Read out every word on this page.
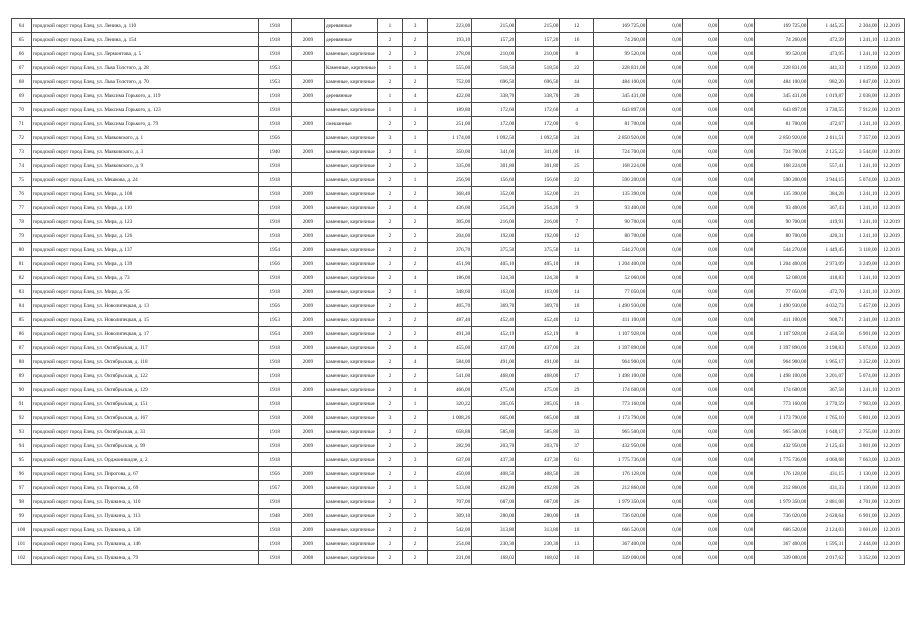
64	городской округ город Елец, ул. Ленина, д. 110	1918		деревянные	1	3	223,00	215,00	215,00	12	169 725,00	0,00	0,00	0,00	169 725,00	1 445,25	2 304,00	12.2019
65	городской округ город Елец, ул. Ленина, д. 154	1918	2009	деревянные	2	2	193,10	157,20	157,20	16	74 260,00	0,00	0,00	0,00	74 260,00	472,39	1 241,10	12.2019
66	городской округ город Елец, ул. Лермонтова, д. 5	1918	2009	каменные, кирпичные	2	2	278,00	210,00	210,00	8	99 520,00	0,00	0,00	0,00	99 520,00	473,95	1 241,10	12.2019
67	городской округ город Елец, ул. Льва Толстого, д. 28	1953		Каменные, кирпичные	1	1	555,00	518,50	518,50	22	228 831,00	0,00	0,00	0,00	228 831,00	441,33	1 139,00	12.2019
68	городской округ город Елец, ул. Льва Толстого, д. 70	1953	2009	каменные, кирпичные	2	2	752,00	696,50	696,50	44	484 100,00	0,00	0,00	0,00	484 100,00	982,20	1 847,00	12.2019
69	городской округ город Елец, ул. Максима Горького, д. 119	1918	2009	деревянные	1	4	422,00	338,70	338,70	20	345 431,00	0,00	0,00	0,00	345 431,00	1 019,87	2 038,00	12.2019
70	городской округ город Елец, ул. Максима Горького, д. 123	1918		каменные, кирпичные	1	1	189,80	172,60	172,60	4	643 897,00	0,00	0,00	0,00	643 897,00	3 730,55	7 912,00	12.2019
71	городской округ город Елец, ул. Максима Горького, д. 79	1918	2009	смешанные	2	2	251,00	172,00	172,00	6	81 700,00	0,00	0,00	0,00	81 700,00	472,67	1 241,10	12.2019
72	городской округ город Елец, ул. Маяковского, д. 1	1956		каменные, кирпичные	3	1	1 174,00	1 092,50	1 092,50	24	2 850 920,00	0,00	0,00	0,00	2 850 920,00	2 611,51	7 357,00	12.2019
73	городской округ город Елец, ул. Маяковского, д. 3	1940	2009	каменные, кирпичные	2	1	350,00	341,00	341,00	16	724 700,00	0,00	0,00	0,00	724 700,00	2 125,22	3 544,00	12.2019
74	городской округ город Елец, ул. Маяковского, д. 9	1918		каменные, кирпичные	2	2	335,00	301,80	301,80	25	168 224,00	0,00	0,00	0,00	168 224,00	557,41	1 241,10	12.2019
75	городской округ город Елец, ул. Мешкова, д. 24	1918		каменные, кирпичные	2	1	256,90	156,60	156,60	22	590 200,00	0,00	0,00	0,00	590 200,00	3 944,15	5 074,00	12.2019
76	городской округ город Елец, ул. Мира, д. 108	1918	2009	каменные, кирпичные	2	2	368,40	352,00	352,00	21	135 390,00	0,00	0,00	0,00	135 390,00	384,28	1 241,10	12.2019
77	городской округ город Елец, ул. Мира, д. 110	1918	2009	каменные, кирпичные	2	4	436,00	254,20	254,20	9	93 400,00	0,00	0,00	0,00	93 400,00	367,43	1 241,10	12.2019
78	городской округ город Елец, ул. Мира, д. 123	1918	2009	каменные, кирпичные	2	2	305,00	216,00	216,00	7	90 700,00	0,00	0,00	0,00	90 700,00	419,91	1 241,10	12.2019
79	городской округ город Елец, ул. Мира, д. 126	1918	2009	каменные, кирпичные	2	2	204,00	192,00	192,00	12	80 700,00	0,00	0,00	0,00	80 700,00	420,31	1 241,10	12.2019
80	городской округ город Елец, ул. Мира, д. 137	1954	2009	каменные, кирпичные	2	2	376,70	375,50	375,50	14	544 270,00	0,00	0,00	0,00	544 270,00	1 449,45	3 118,00	12.2019
81	городской округ город Елец, ул. Мира, д. 139	1956	2009	каменные, кирпичные	2	2	451,90	405,10	405,10	18	1 204 400,00	0,00	0,00	0,00	1 204 400,00	2 973,09	3 249,00	12.2019
82	городской округ город Елец, ул. Мира, д. 73	1918	2009	каменные, кирпичные	2	4	186,00	124,30	124,30	8	52 060,00	0,00	0,00	0,00	52 060,00	418,83	1 241,10	12.2019
83	городской округ город Елец, ул. Мира, д. 95	1918	2009	каменные, кирпичные	2	1	348,60	163,00	163,00	14	77 050,00	0,00	0,00	0,00	77 050,00	472,70	1 241,10	12.2019
84	городской округ город Елец, ул. Новолипецкая, д. 13	1956	2009	каменные, кирпичные	2	2	405,70	369,70	369,70	10	1 490 930,00	0,00	0,00	0,00	1 490 930,00	4 032,73	5 457,00	12.2019
85	городской округ город Елец, ул. Новолипецкая, д. 15	1953	2009	каменные, кирпичные	2	2	487,40	452,40	452,40	12	411 100,00	0,00	0,00	0,00	411 100,00	908,71	2 341,00	12.2019
86	городской округ город Елец, ул. Новолипецкая, д. 17	1954	2009	каменные, кирпичные	2	2	491,30	452,19	452,19	8	1 107 928,00	0,00	0,00	0,00	1 107 928,00	2 450,58	6 901,00	12.2019
87	городской округ город Елец, ул. Октябрьская, д. 117	1918	2009	каменные, кирпичные	2	4	455,00	437,00	437,00	24	1 397 890,00	0,00	0,00	0,00	1 397 890,00	3 198,83	5 074,00	12.2019
88	городской округ город Елец, ул. Октябрьская, д. 118	1918	2009	каменные, кирпичные	2	4	584,00	491,00	491,00	44	964 900,00	0,00	0,00	0,00	964 900,00	1 965,17	3 352,00	12.2019
89	городской округ город Елец, ул. Октябрьская, д. 122	1918		каменные, кирпичные	2	2	541,00	468,00	468,00	17	1 498 100,00	0,00	0,00	0,00	1 498 100,00	3 201,07	5 074,00	12.2019
90	городской округ город Елец, ул. Октябрьская, д. 129	1918	2009	каменные, кирпичные	2	4	466,00	475,00	475,00	29	174 600,00	0,00	0,00	0,00	174 600,00	367,58	1 241,10	12.2019
91	городской округ город Елец, ул. Октябрьская, д. 151	1918		каменные, кирпичные	2	1	320,22	205,05	205,05	10	773 160,00	0,00	0,00	0,00	773 160,00	3 770,59	7 903,00	12.2019
92	городской округ город Елец, ул. Октябрьская, д. 167	1918	2008	каменные, кирпичные	3	2	1 008,26	665,00	665,00	48	1 173 790,00	0,00	0,00	0,00	1 173 790,00	1 765,10	5 801,00	12.2019
93	городской округ город Елец, ул. Октябрьская, д. 33	1918	2009	каменные, кирпичные	2	2	658,88	585,80	585,80	33	965 500,00	0,00	0,00	0,00	965 500,00	1 648,17	2 755,00	12.2019
94	городской округ город Елец, ул. Октябрьская, д. 99	1918	2009	каменные, кирпичные	2	2	282,90	203,70	203,70	37	432 950,00	0,00	0,00	0,00	432 950,00	2 125,43	3 801,00	12.2019
95	городской округ город Елец, ул. Орджоникидзе, д. 2	1918		каменные, кирпичные	2	3	637,00	437,30	437,30	61	1 775 736,00	0,00	0,00	0,00	1 775 736,00	4 060,68	7 663,00	12.2019
96	городской округ город Елец, ул. Пирогова, д. 67	1956	2009	каменные, кирпичные	2	2	450,00	408,50	408,50	20	176 128,00	0,00	0,00	0,00	176 128,00	431,15	1 130,00	12.2019
97	городской округ город Елец, ул. Пирогова, д. 69	1957	2009	каменные, кирпичные	2	1	533,00	492,80	492,80	26	212 860,00	0,00	0,00	0,00	212 860,00	431,33	1 130,00	12.2019
98	городской округ город Елец, ул. Пушкина, д. 110	1918		каменные, кирпичные	2	2	707,00	687,00	687,00	26	1 979 350,00	0,00	0,00	0,00	1 979 350,00	2 881,08	4 701,00	12.2019
99	городской округ город Елец, ул. Пушкина, д. 113	1948	2009	каменные, кирпичные	2	2	309,10	280,00	280,00	18	736 020,00	0,00	0,00	0,00	736 020,00	2 628,64	6 901,00	12.2019
100	городской округ город Елец, ул. Пушкина, д. 138	1918	2009	каменные, кирпичные	2	2	542,00	313,80	313,80	10	666 520,00	0,00	0,00	0,00	666 520,00	2 124,03	3 601,00	12.2019
101	городской округ город Елец, ул. Пушкина, д. 146	1918	2009	каменные, кирпичные	2	2	254,00	230,30	230,30	13	367 400,00	0,00	0,00	0,00	367 400,00	1 595,31	2 444,00	12.2019
102	городской округ город Елец, ул. Пушкина, д. 79	1918	2008	каменные, кирпичные	2	2	231,00	168,02	168,02	10	339 000,00	0,00	0,00	0,00	339 000,00	2 017,62	3 352,00	12.2019
